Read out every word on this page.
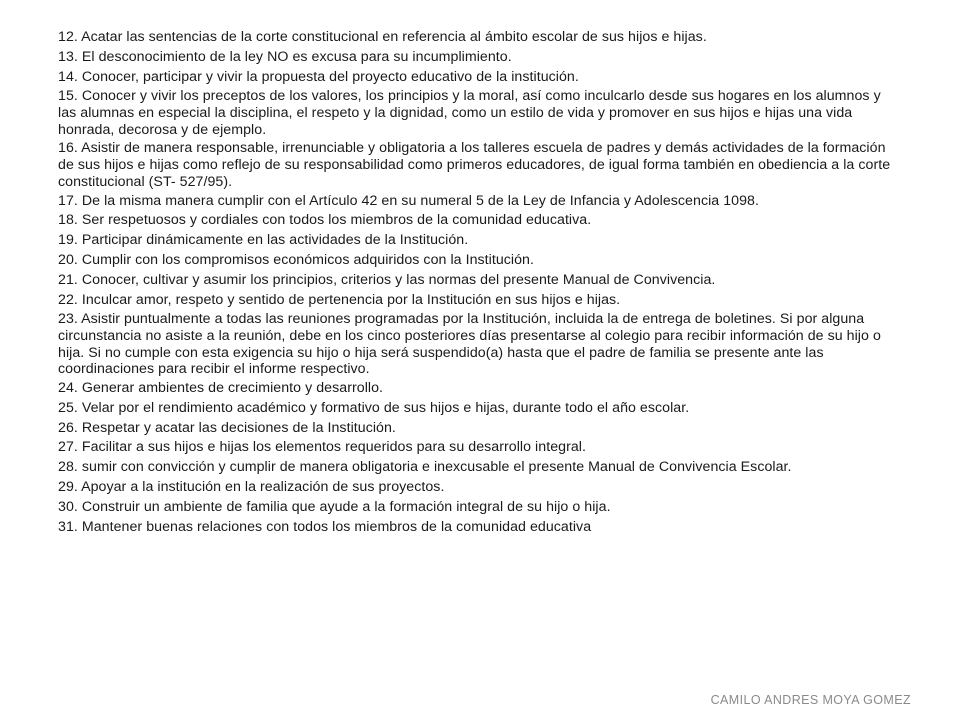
12. Acatar las sentencias de la corte constitucional en referencia al ámbito escolar de sus hijos e hijas.

13. El desconocimiento de la ley NO es excusa para su incumplimiento.

14. Conocer, participar y vivir la propuesta del proyecto educativo de la institución.

15. Conocer y vivir los preceptos de los valores, los principios y la moral, así como inculcarlo desde sus hogares en los alumnos y las alumnas en especial la disciplina, el respeto y la dignidad, como un estilo de vida y promover en sus hijos e hijas una vida honrada, decorosa y de ejemplo.

16. Asistir de manera responsable, irrenunciable y obligatoria a los talleres escuela de padres y demás actividades de la formación de sus hijos e hijas como reflejo de su responsabilidad como primeros educadores, de igual forma también en obediencia a la corte constitucional (ST- 527/95).

17. De la misma manera cumplir con el Artículo 42 en su numeral 5 de la Ley de Infancia y Adolescencia 1098.

18. Ser respetuosos y cordiales con todos los miembros de la comunidad educativa.

19. Participar dinámicamente en las actividades de la Institución.

20. Cumplir con los compromisos económicos adquiridos con la Institución.

21. Conocer, cultivar y asumir los principios, criterios y las normas del presente Manual de Convivencia.

22. Inculcar amor, respeto y sentido de pertenencia por la Institución en sus hijos e hijas.

23. Asistir puntualmente a todas las reuniones programadas por la Institución, incluida la de entrega de boletines. Si por alguna circunstancia no asiste a la reunión, debe en los cinco posteriores días presentarse al colegio para recibir información de su hijo o hija. Si no cumple con esta exigencia su hijo o hija será suspendido(a) hasta que el padre de familia se presente ante las coordinaciones para recibir el informe respectivo.

24. Generar ambientes de crecimiento y desarrollo.

25. Velar por el rendimiento académico y formativo de sus hijos e hijas, durante todo el año escolar.

26. Respetar y acatar las decisiones de la Institución.

27. Facilitar a sus hijos e hijas los elementos requeridos para su desarrollo integral.

28. sumir con convicción y cumplir de manera obligatoria e inexcusable el presente Manual de Convivencia Escolar.

29. Apoyar a la institución en la realización de sus proyectos.

30. Construir un ambiente de familia que ayude a la formación integral de su hijo o hija.

31. Mantener buenas relaciones con todos los miembros de la comunidad educativa

CAMILO ANDRES MOYA GOMEZ
